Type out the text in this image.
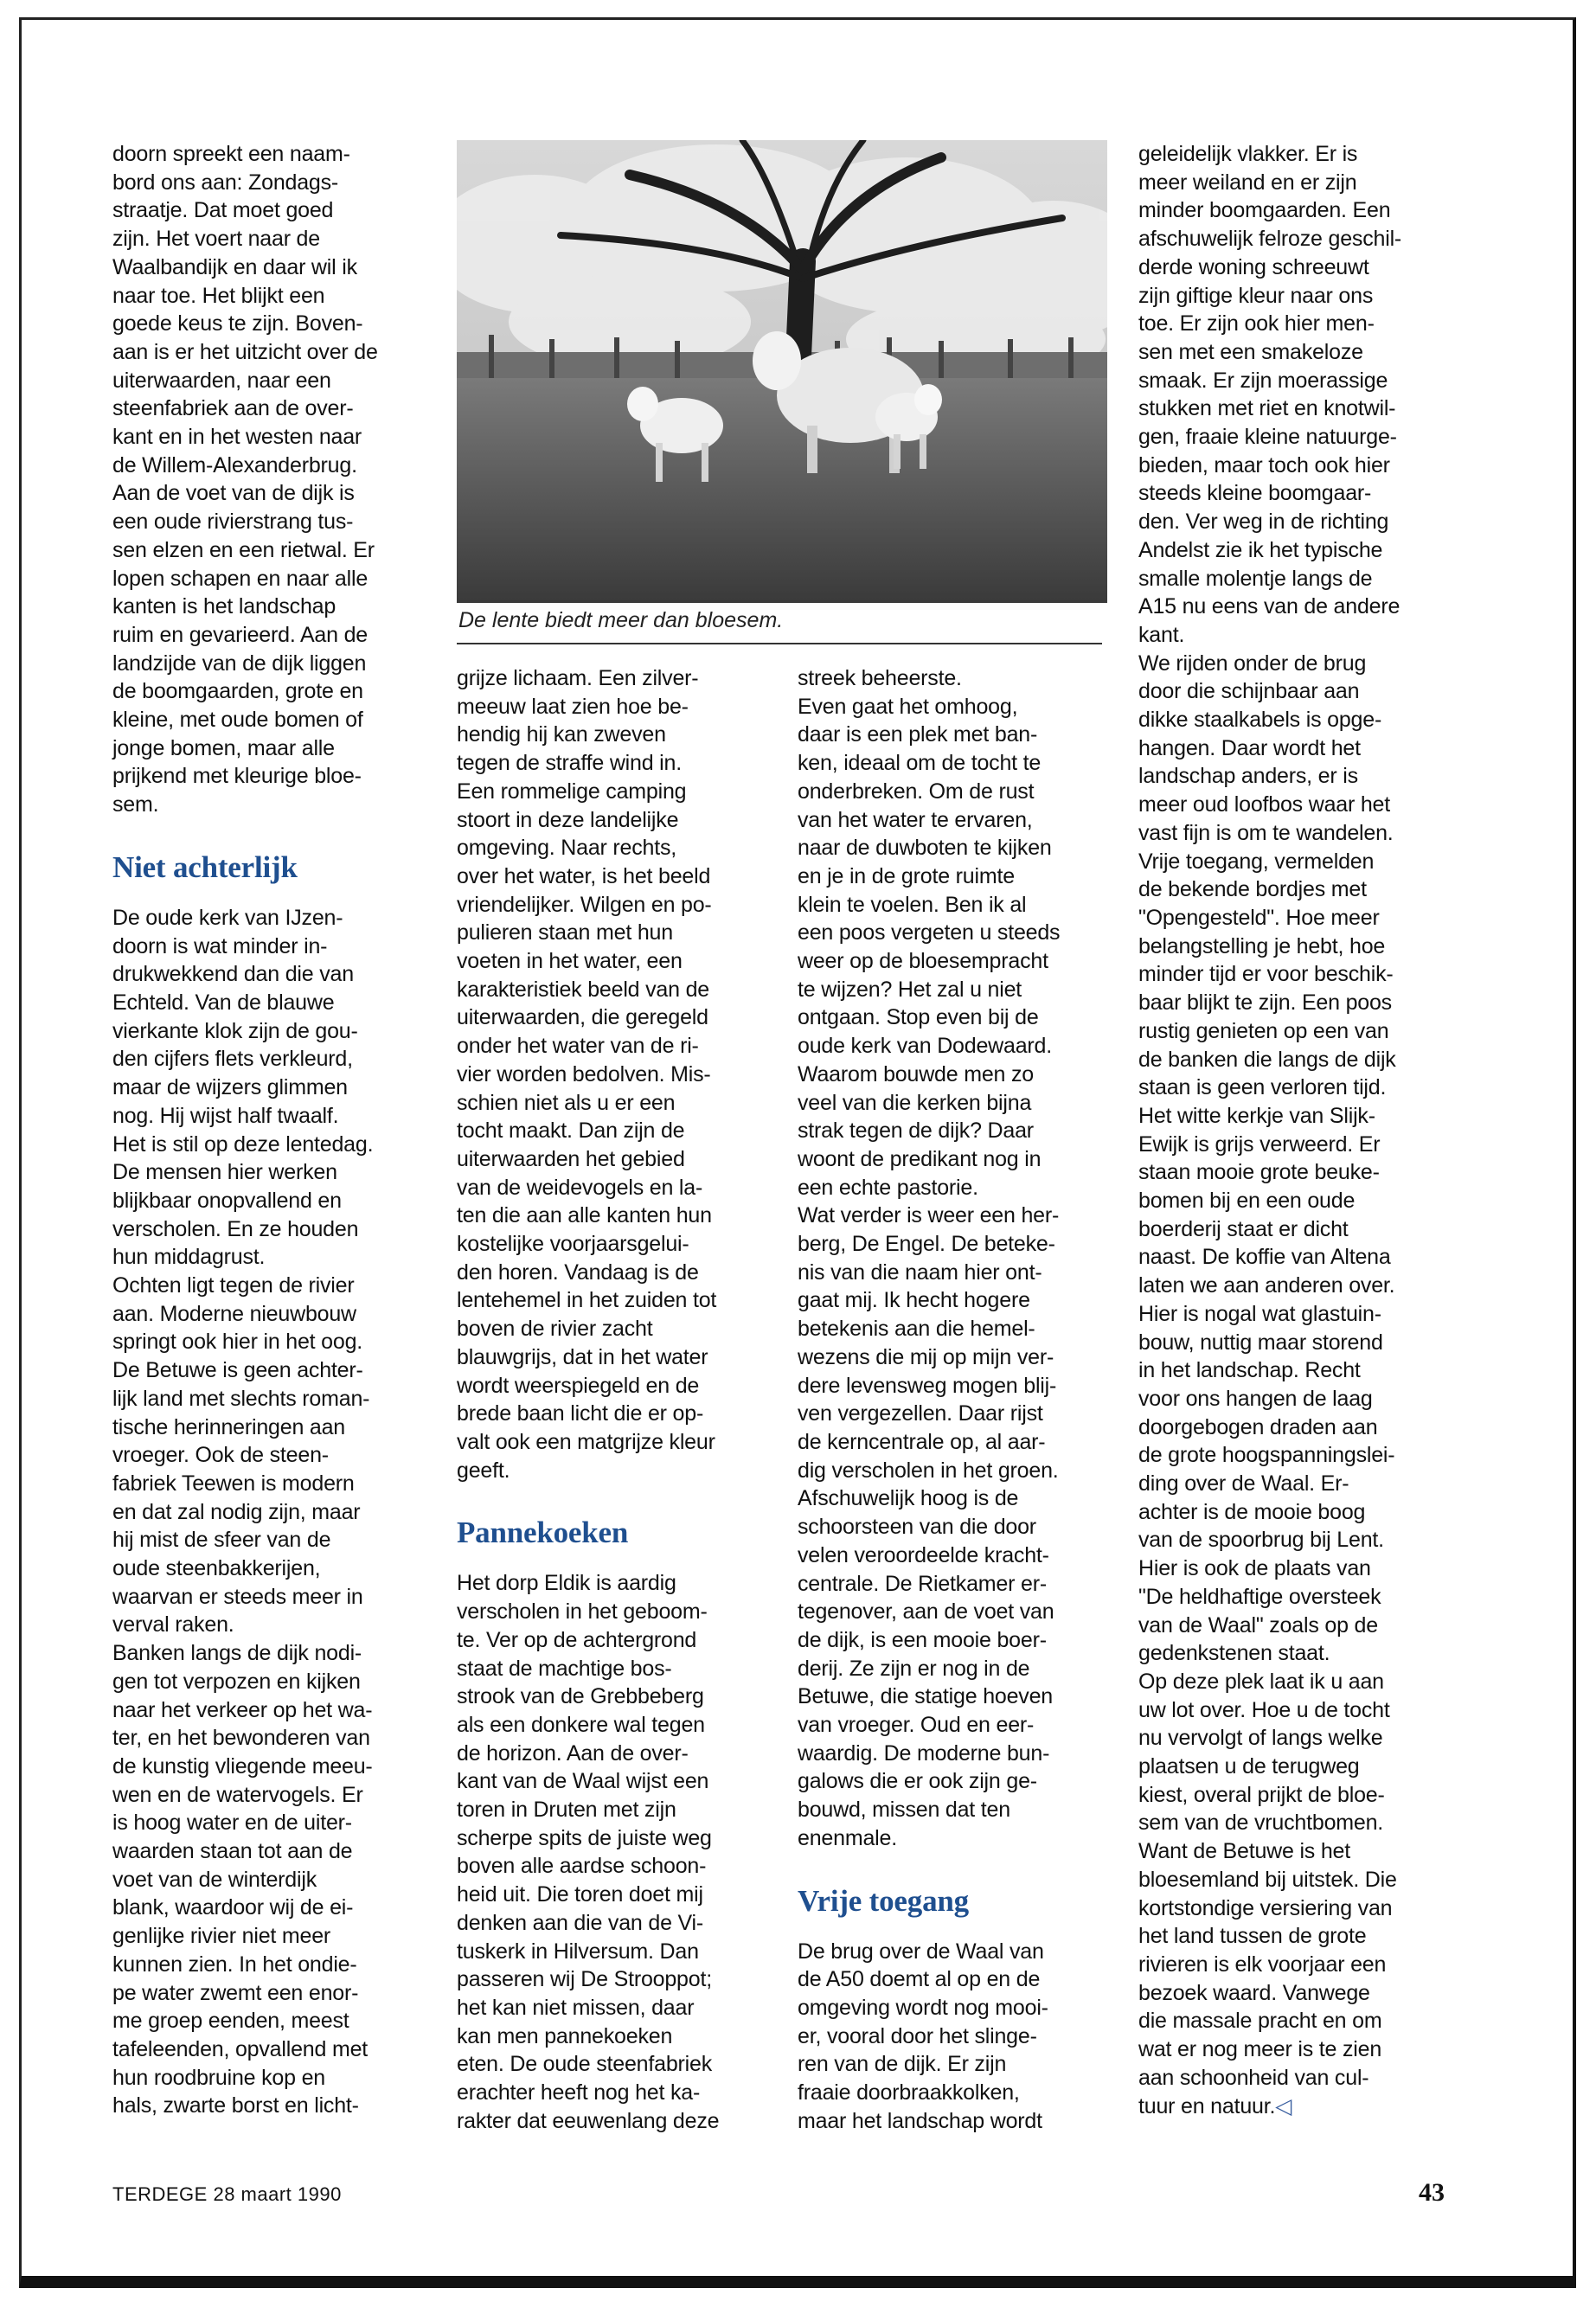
doorn spreekt een naam-

bord ons aan: Zondags-

straatje. Dat moet goed

zijn. Het voert naar de

Waalbandijk en daar wil ik

naar toe. Het blijkt een

goede keus te zijn. Boven-

aan is er het uitzicht over de

uiterwaarden, naar een

steenfabriek aan de over-

kant en in het westen naar

de Willem-Alexanderbrug.

Aan de voet van de dijk is

een oude rivierstrang tus-

sen elzen en een rietwal. Er

lopen schapen en naar alle

kanten is het landschap

ruim en gevarieerd. Aan de

landzijde van de dijk liggen

de boomgaarden, grote en

kleine, met oude bomen of

jonge bomen, maar alle

prijkend met kleurige bloe-

sem.

Niet achterlijk

De oude kerk van IJzen-

doorn is wat minder in-

drukwekkend dan die van

Echteld. Van de blauwe

vierkante klok zijn de gou-

den cijfers flets verkleurd,

maar de wijzers glimmen

nog. Hij wijst half twaalf.

Het is stil op deze lentedag.

De mensen hier werken

blijkbaar onopvallend en

verscholen. En ze houden

hun middagrust.

Ochten ligt tegen de rivier

aan. Moderne nieuwbouw

springt ook hier in het oog.

De Betuwe is geen achter-

lijk land met slechts roman-

tische herinneringen aan

vroeger. Ook de steen-

fabriek Teewen is modern

en dat zal nodig zijn, maar

hij mist de sfeer van de

oude steenbakkerijen,

waarvan er steeds meer in

verval raken.

Banken langs de dijk nodi-

gen tot verpozen en kijken

naar het verkeer op het wa-

ter, en het bewonderen van

de kunstig vliegende meeu-

wen en de watervogels. Er

is hoog water en de uiter-

waarden staan tot aan de

voet van de winterdijk

blank, waardoor wij de ei-

genlijke rivier niet meer

kunnen zien. In het ondie-

pe water zwemt een enor-

me groep eenden, meest

tafeleenden, opvallend met

hun roodbruine kop en

hals, zwarte borst en licht-

De lente biedt meer dan bloesem.

grijze lichaam. Een zilver-

meeuw laat zien hoe be-

hendig hij kan zweven

tegen de straffe wind in.

Een rommelige camping

stoort in deze landelijke

omgeving. Naar rechts,

over het water, is het beeld

vriendelijker. Wilgen en po-

pulieren staan met hun

voeten in het water, een

karakteristiek beeld van de

uiterwaarden, die geregeld

onder het water van de ri-

vier worden bedolven. Mis-

schien niet als u er een

tocht maakt. Dan zijn de

uiterwaarden het gebied

van de weidevogels en la-

ten die aan alle kanten hun

kostelijke voorjaarsgelui-

den horen. Vandaag is de

lentehemel in het zuiden tot

boven de rivier zacht

blauwgrijs, dat in het water

wordt weerspiegeld en de

brede baan licht die er op-

valt ook een matgrijze kleur

geeft.

Pannekoeken

Het dorp Eldik is aardig

verscholen in het geboom-

te. Ver op de achtergrond

staat de machtige bos-

strook van de Grebbeberg

als een donkere wal tegen

de horizon. Aan de over-

kant van de Waal wijst een

toren in Druten met zijn

scherpe spits de juiste weg

boven alle aardse schoon-

heid uit. Die toren doet mij

denken aan die van de Vi-

tuskerk in Hilversum. Dan

passeren wij De Strooppot;

het kan niet missen, daar

kan men pannekoeken

eten. De oude steenfabriek

erachter heeft nog het ka-

rakter dat eeuwenlang deze

streek beheerste.

Even gaat het omhoog,

daar is een plek met ban-

ken, ideaal om de tocht te

onderbreken. Om de rust

van het water te ervaren,

naar de duwboten te kijken

en je in de grote ruimte

klein te voelen. Ben ik al

een poos vergeten u steeds

weer op de bloesempracht

te wijzen? Het zal u niet

ontgaan. Stop even bij de

oude kerk van Dodewaard.

Waarom bouwde men zo

veel van die kerken bijna

strak tegen de dijk? Daar

woont de predikant nog in

een echte pastorie.

Wat verder is weer een her-

berg, De Engel. De beteke-

nis van die naam hier ont-

gaat mij. Ik hecht hogere

betekenis aan die hemel-

wezens die mij op mijn ver-

dere levensweg mogen blij-

ven vergezellen. Daar rijst

de kerncentrale op, al aar-

dig verscholen in het groen.

Afschuwelijk hoog is de

schoorsteen van die door

velen veroordeelde kracht-

centrale. De Rietkamer er-

tegenover, aan de voet van

de dijk, is een mooie boer-

derij. Ze zijn er nog in de

Betuwe, die statige hoeven

van vroeger. Oud en eer-

waardig. De moderne bun-

galows die er ook zijn ge-

bouwd, missen dat ten

enenmale.

Vrije toegang

De brug over de Waal van

de A50 doemt al op en de

omgeving wordt nog mooi-

er, vooral door het slinge-

ren van de dijk. Er zijn

fraaie doorbraakkolken,

maar het landschap wordt

geleidelijk vlakker. Er is

meer weiland en er zijn

minder boomgaarden. Een

afschuwelijk felroze geschil-

derde woning schreeuwt

zijn giftige kleur naar ons

toe. Er zijn ook hier men-

sen met een smakeloze

smaak. Er zijn moerassige

stukken met riet en knotwil-

gen, fraaie kleine natuurge-

bieden, maar toch ook hier

steeds kleine boomgaar-

den. Ver weg in de richting

Andelst zie ik het typische

smalle molentje langs de

A15 nu eens van de andere

kant.

We rijden onder de brug

door die schijnbaar aan

dikke staalkabels is opge-

hangen. Daar wordt het

landschap anders, er is

meer oud loofbos waar het

vast fijn is om te wandelen.

Vrije toegang, vermelden

de bekende bordjes met

"Opengesteld". Hoe meer

belangstelling je hebt, hoe

minder tijd er voor beschik-

baar blijkt te zijn. Een poos

rustig genieten op een van

de banken die langs de dijk

staan is geen verloren tijd.

Het witte kerkje van Slijk-

Ewijk is grijs verweerd. Er

staan mooie grote beuke-

bomen bij en een oude

boerderij staat er dicht

naast. De koffie van Altena

laten we aan anderen over.

Hier is nogal wat glastuin-

bouw, nuttig maar storend

in het landschap. Recht

voor ons hangen de laag

doorgebogen draden aan

de grote hoogspanningslei-

ding over de Waal. Er-

achter is de mooie boog

van de spoorbrug bij Lent.

Hier is ook de plaats van

"De heldhaftige oversteek

van de Waal" zoals op de

gedenkstenen staat.

Op deze plek laat ik u aan

uw lot over. Hoe u de tocht

nu vervolgt of langs welke

plaatsen u de terugweg

kiest, overal prijkt de bloe-

sem van de vruchtbomen.

Want de Betuwe is het

bloesemland bij uitstek. Die

kortstondige versiering van

het land tussen de grote

rivieren is elk voorjaar een

bezoek waard. Vanwege

die massale pracht en om

wat er nog meer is te zien

aan schoonheid van cul-

tuur en natuur.◁

TERDEGE 28 maart 1990	43
